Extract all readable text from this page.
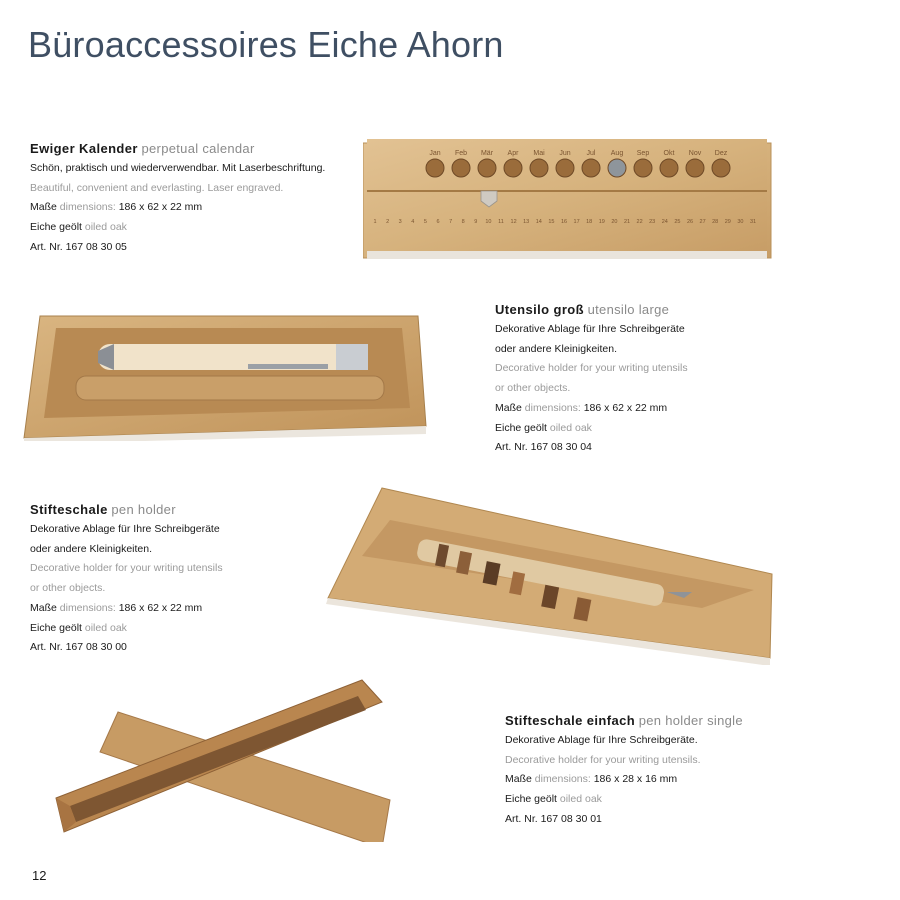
Büroaccessoires Eiche Ahorn
Ewiger Kalender perpetual calendar
Schön, praktisch und wiederverwendbar. Mit Laserbeschriftung.
Beautiful, convenient and everlasting. Laser engraved.
Maße dimensions: 186 x 62 x 22 mm
Eiche geölt oiled oak
Art. Nr. 167 08 30 05
Utensilo groß utensilo large
Dekorative Ablage für Ihre Schreibgeräte
oder andere Kleinigkeiten.
Decorative holder for your writing utensils
or other objects.
Maße dimensions: 186 x 62 x 22 mm
Eiche geölt oiled oak
Art. Nr. 167 08 30 04
Stifteschale pen holder
Dekorative Ablage für Ihre Schreibgeräte
oder andere Kleinigkeiten.
Decorative holder for your writing utensils
or other objects.
Maße dimensions: 186 x 62 x 22 mm
Eiche geölt oiled oak
Art. Nr. 167 08 30 00
Stifteschale einfach pen holder single
Dekorative Ablage für Ihre Schreibgeräte.
Decorative holder for your writing utensils.
Maße dimensions: 186 x 28 x 16 mm
Eiche geölt oiled oak
Art. Nr. 167 08 30 01
Jan Feb Mär Apr Mai Jun Jul Aug Sep Okt Nov Dez
1 2 3 4 5 6 7 8 9 10 11 12 13 14 15 16 17 18 19 20 21 22 23 24 25 26 27 28 29 30 31
12
